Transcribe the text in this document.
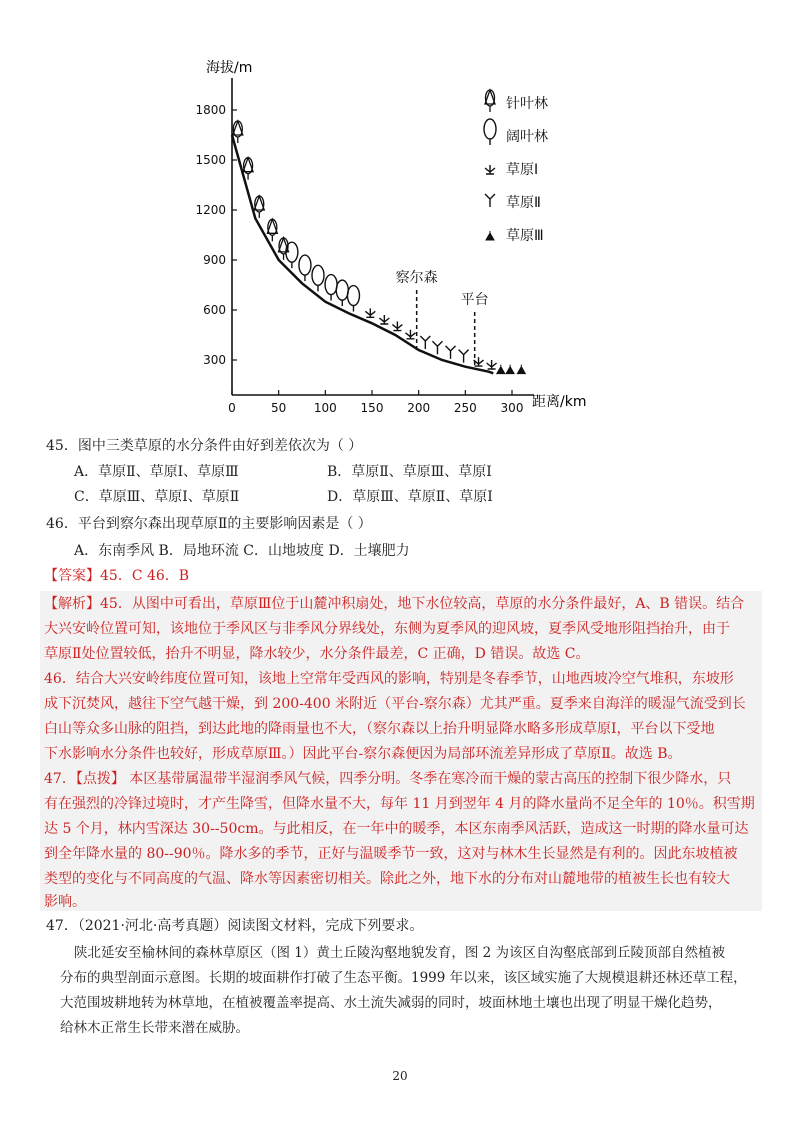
1800
1500
1200
900
600
300
0	50 100 150 200 250 300
察尔森
平台
针叶林
阔叶林
草原Ⅰ
草原Ⅱ
草原Ⅲ
海拔/m
距离/km
45．图中三类草原的水分条件由好到差依次为（ ）
A．草原Ⅱ、草原Ⅰ、草原Ⅲ	B．草原Ⅱ、草原Ⅲ、草原Ⅰ
C．草原Ⅲ、草原Ⅰ、草原Ⅱ	D．草原Ⅲ、草原Ⅱ、草原Ⅰ
46．平台到察尔森出现草原Ⅱ的主要影响因素是（ ）
A．东南季风 B．局地环流 C．山地坡度 D．土壤肥力
【答案】45．C 46．B
【解析】45．从图中可看出，草原Ⅲ位于山麓冲积扇处，地下水位较高，草原的水分条件最好，A、B 错误。结合
大兴安岭位置可知，该地位于季风区与非季风分界线处，东侧为夏季风的迎风坡，夏季风受地形阻挡抬升，由于
草原Ⅱ处位置较低，抬升不明显，降水较少，水分条件最差，C 正确，D 错误。故选 C。
46．结合大兴安岭纬度位置可知，该地上空常年受西风的影响，特别是冬春季节，山地西坡冷空气堆积，东坡形
成下沉焚风，越往下空气越干燥，到 200-400 米附近（平台-察尔森）尤其严重。夏季来自海洋的暖湿气流受到长
白山等众多山脉的阻挡，到达此地的降雨量也不大，（察尔森以上抬升明显降水略多形成草原Ⅰ，平台以下受地
下水影响水分条件也较好，形成草原Ⅲ。）因此平台-察尔森便因为局部环流差异形成了草原Ⅱ。故选 B。
47．【点拨】 本区基带属温带半湿润季风气候，四季分明。冬季在寒冷而干燥的蒙古高压的控制下很少降水，只
有在强烈的冷锋过境时，才产生降雪，但降水量不大，每年 11 月到翌年 4 月的降水量尚不足全年的 10％。积雪期
达 5 个月，林内雪深达 30--50cm。与此相反，在一年中的暖季，本区东南季风活跃，造成这一时期的降水量可达
到全年降水量的 80--90％。降水多的季节，正好与温暖季节一致，这对与林木生长显然是有利的。因此东坡植被
类型的变化与不同高度的气温、降水等因素密切相关。除此之外，地下水的分布对山麓地带的植被生长也有较大
影响。
47．（2021·河北·高考真题）阅读图文材料，完成下列要求。
陕北延安至榆林间的森林草原区（图 1）黄土丘陵沟壑地貌发育，图 2 为该区自沟壑底部到丘陵顶部自然植被
分布的典型剖面示意图。长期的坡面耕作打破了生态平衡。1999 年以来，该区域实施了大规模退耕还林还草工程，
大范围坡耕地转为林草地，在植被覆盖率提高、水土流失减弱的同时，坡面林地土壤也出现了明显干燥化趋势，
给林木正常生长带来潜在威胁。
20
